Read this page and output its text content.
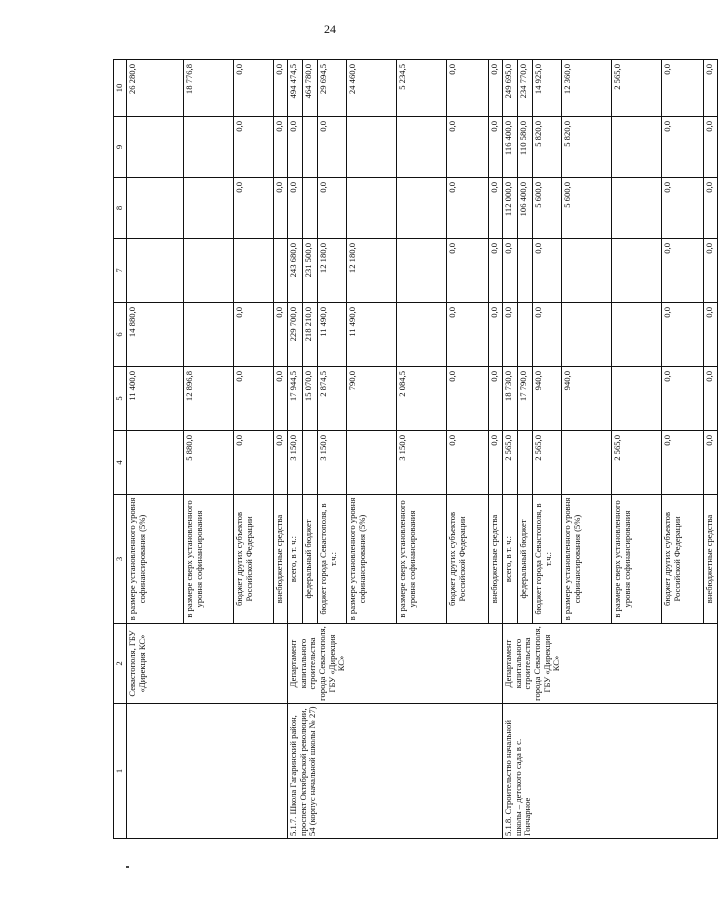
24
1	2	3	4	5	6	7	8	9	10
	Севастополя, ГБУ «Дирекция КС»	в размере установленного уровня софинансирования (5%)		11 400,0	14 880,0				26 280,0
		в размере сверх установленного уровня софинансирования	5 880,0	12 896,8					18 776,8
		бюджет других субъектов Российской Федерации	0,0	0,0	0,0		0,0	0,0	0,0
		внебюджетные средства	0,0	0,0	0,0		0,0	0,0	0,0
5.1.7. Школа Гагаринский район, проспект Октябрьской революции, 54 (корпус начальной школы № 27)	Департамент капитального строительства города Севастополя, ГБУ «Дирекция КС»	всего, в т. ч.:	3 150,0	17 944,5	229 700,0	243 680,0	0,0	0,0	494 474,5
		федеральный бюджет		15 070,0	218 210,0	231 500,0			464 780,0
		бюджет города Севастополя, в т.ч.:	3 150,0	2 874,5	11 490,0	12 180,0	0,0	0,0	29 694,5
		в размере установленного уровня софинансирования (5%)		790,0	11 490,0	12 180,0			24 460,0
		в размере сверх установленного уровня софинансирования	3 150,0	2 084,5					5 234,5
		бюджет других субъектов Российской Федерации	0,0	0,0	0,0	0,0	0,0	0,0	0,0
		внебюджетные средства	0,0	0,0	0,0	0,0	0,0	0,0	0,0
5.1.8. Строительство начальной школы – детского сада в с. Гончарное	Департамент капитального строительства города Севастополя, ГБУ «Дирекция КС»	всего, в т. ч.:	2 565,0	18 730,0	0,0	0,0	112 000,0	116 400,0	249 695,0
		федеральный бюджет		17 790,0			106 400,0	110 580,0	234 770,0
		бюджет города Севастополя, в т.ч.:	2 565,0	940,0	0,0	0,0	5 600,0	5 820,0	14 925,0
		в размере установленного уровня софинансирования (5%)		940,0			5 600,0	5 820,0	12 360,0
		в размере сверх установленного уровня софинансирования	2 565,0						2 565,0
		бюджет других субъектов Российской Федерации	0,0	0,0	0,0	0,0	0,0	0,0	0,0
		внебюджетные средства	0,0	0,0	0,0	0,0	0,0	0,0	0,0
